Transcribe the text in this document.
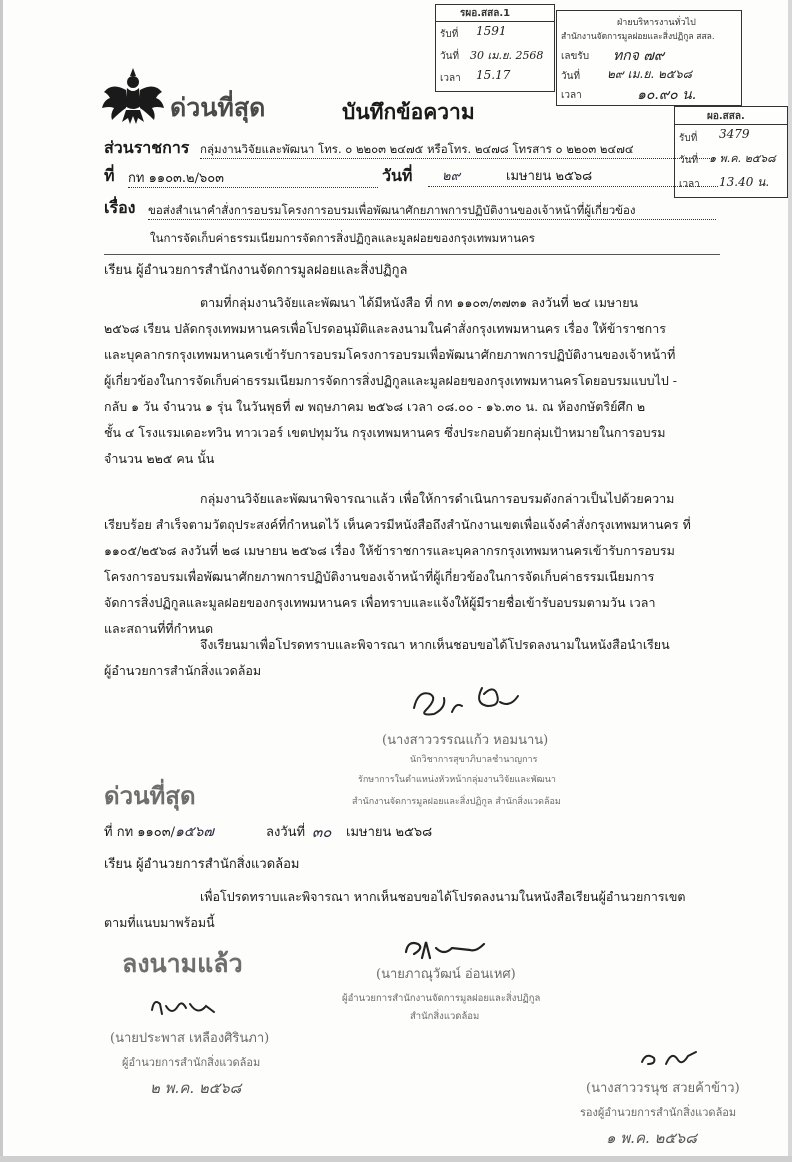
รผอ.สสล.1
รับที่ 1591
วันที่ 30 เม.ย. 2568
เวลา 15.17
ฝ่ายบริหารงานทั่วไป
สำนักงานจัดการมูลฝอยและสิ่งปฏิกูล สสล.
เลขรับ ทกจ ๗๙
วันที่ ๒๙ เม.ย. ๒๕๖๘
เวลา	๑๐.๙๐ น.
ผอ.สสล.
รับที่ 3479
วันที่ ๑ พ.ค. ๒๕๖๘
เวลา 13.40 น.
ด่วนที่สุด	บันทึกข้อความ
ส่วนราชการ กลุ่มงานวิจัยและพัฒนา โทร. ๐ ๒๒๐๓ ๒๔๗๕ หรือโทร. ๒๔๗๘ โทรสาร ๐ ๒๒๐๓ ๒๔๗๔
ที่ กท ๑๑๐๓.๒/๖๐๓	วันที่ ๒๙	เมษายน ๒๕๖๘
เรื่อง ขอส่งสำเนาคำสั่งการอบรมโครงการอบรมเพื่อพัฒนาศักยภาพการปฏิบัติงานของเจ้าหน้าที่ผู้เกี่ยวข้อง
ในการจัดเก็บค่าธรรมเนียมการจัดการสิ่งปฏิกูลและมูลฝอยของกรุงเทพมหานคร
เรียน ผู้อำนวยการสำนักงานจัดการมูลฝอยและสิ่งปฏิกูล
ตามที่กลุ่มงานวิจัยและพัฒนา ได้มีหนังสือ ที่ กท ๑๑๐๓/๓๗๓๑ ลงวันที่ ๒๔ เมษายน
๒๕๖๘ เรียน ปลัดกรุงเทพมหานครเพื่อโปรดอนุมัติและลงนามในคำสั่งกรุงเทพมหานคร เรื่อง ให้ข้าราชการ
และบุคลากรกรุงเทพมหานครเข้ารับการอบรมโครงการอบรมเพื่อพัฒนาศักยภาพการปฏิบัติงานของเจ้าหน้าที่
ผู้เกี่ยวข้องในการจัดเก็บค่าธรรมเนียมการจัดการสิ่งปฏิกูลและมูลฝอยของกรุงเทพมหานครโดยอบรมแบบไป -
กลับ ๑ วัน จำนวน ๑ รุ่น ในวันพุธที่ ๗ พฤษภาคม ๒๕๖๘ เวลา ๐๘.๐๐ - ๑๖.๓๐ น. ณ ห้องกษัตริย์ศึก ๒
ชั้น ๔ โรงแรมเดอะทวิน ทาวเวอร์ เขตปทุมวัน กรุงเทพมหานคร ซึ่งประกอบด้วยกลุ่มเป้าหมายในการอบรม
จำนวน ๒๒๕ คน นั้น
กลุ่มงานวิจัยและพัฒนาพิจารณาแล้ว เพื่อให้การดำเนินการอบรมดังกล่าวเป็นไปด้วยความ
เรียบร้อย สำเร็จตามวัตถุประสงค์ที่กำหนดไว้ เห็นควรมีหนังสือถึงสำนักงานเขตเพื่อแจ้งคำสั่งกรุงเทพมหานคร ที่
๑๑๐๕/๒๕๖๘ ลงวันที่ ๒๘ เมษายน ๒๕๖๘ เรื่อง ให้ข้าราชการและบุคลากรกรุงเทพมหานครเข้ารับการอบรม
โครงการอบรมเพื่อพัฒนาศักยภาพการปฏิบัติงานของเจ้าหน้าที่ผู้เกี่ยวข้องในการจัดเก็บค่าธรรมเนียมการ
จัดการสิ่งปฏิกูลและมูลฝอยของกรุงเทพมหานคร เพื่อทราบและแจ้งให้ผู้มีรายชื่อเข้ารับอบรมตามวัน เวลา
และสถานที่ที่กำหนด
จึงเรียนมาเพื่อโปรดทราบและพิจารณา หากเห็นชอบขอได้โปรดลงนามในหนังสือนำเรียน
ผู้อำนวยการสำนักสิ่งแวดล้อม
(นางสาววรรณแก้ว หอมนาน)
นักวิชาการสุขาภิบาลชำนาญการ
รักษาการในตำแหน่งหัวหน้ากลุ่มงานวิจัยและพัฒนา
สำนักงานจัดการมูลฝอยและสิ่งปฏิกูล สำนักสิ่งแวดล้อม
ด่วนที่สุด
ที่ กท ๑๑๐๓/๑๕๖๗	ลงวันที่ ๓๐ เมษายน ๒๕๖๘
เรียน ผู้อำนวยการสำนักสิ่งแวดล้อม
เพื่อโปรดทราบและพิจารณา หากเห็นชอบขอได้โปรดลงนามในหนังสือเรียนผู้อำนวยการเขต
ตามที่แนบมาพร้อมนี้
ลงนามแล้ว	(นายภาณุวัฒน์ อ่อนเหศ)
ผู้อำนวยการสำนักงานจัดการมูลฝอยและสิ่งปฏิกูล
สำนักสิ่งแวดล้อม
(นายประพาส เหลืองศิรินภา)
ผู้อำนวยการสำนักสิ่งแวดล้อม
๒ พ.ค. ๒๕๖๘	(นางสาววรนุช สวยค้าข้าว)
รองผู้อำนวยการสำนักสิ่งแวดล้อม
๑ พ.ค. ๒๕๖๘
